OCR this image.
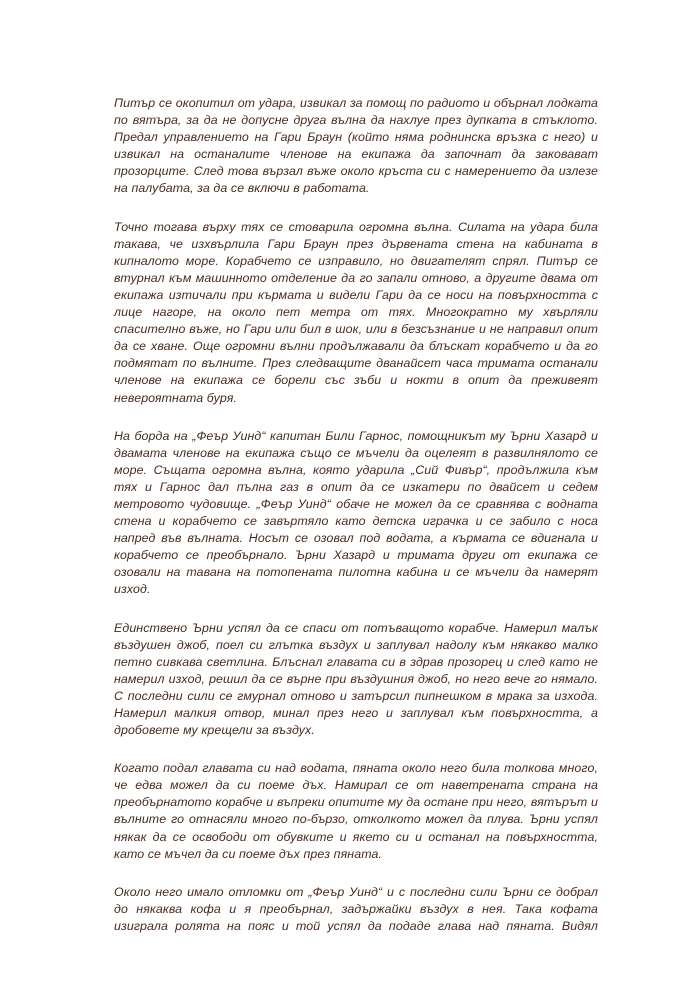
Питър се окопитил от удара, извикал за помощ по радиото и обърнал лодката по вятъра, за да не допусне друга вълна да нахлуе през дупката в стъклото. Предал управлението на Гари Браун (който няма роднинска връзка с него) и извикал на останалите членове на екипажа да започнат да заковават прозорците. След това вързал въже около кръста си с намерението да излезе на палубата, за да се включи в работата.

Точно тогава върху тях се стоварила огромна вълна. Силата на удара била такава, че изхвърлила Гари Браун през дървената стена на кабината в кипналото море. Корабчето се изправило, но двигателят спрял. Питър се втурнал към машинното отделение да го запали отново, а другите двама от екипажа изтичали при кърмата и видели Гари да се носи на повърхността с лице нагоре, на около пет метра от тях. Многократно му хвърляли спасително въже, но Гари или бил в шок, или в безсъзнание и не направил опит да се хване. Още огромни вълни продължавали да блъскат корабчето и да го подмятат по вълните. През следващите дванайсет часа тримата останали членове на екипажа се борели със зъби и нокти в опит да преживеят невероятната буря.

На борда на „Феър Уинд“ капитан Били Гарнос, помощникът му Ърни Хазард и двамата членове на екипажа също се мъчели да оцелеят в развилнялото се море. Същата огромна вълна, която ударила „Сий Фивър“, продължила към тях и Гарнос дал пълна газ в опит да се изкатери по двайсет и седем метровото чудовище. „Феър Уинд“ обаче не можел да се сравнява с водната стена и корабчето се завъртяло като детска играчка и се забило с носа напред във вълната. Носът се озовал под водата, а кърмата се вдигнала и корабчето се преобърнало. Ърни Хазард и тримата други от екипажа се озовали на тавана на потопената пилотна кабина и се мъчели да намерят изход.

Единствено Ърни успял да се спаси от потъващото корабче. Намерил малък въздушен джоб, поел си глътка въздух и заплувал надолу към някакво малко петно сивкава светлина. Блъснал главата си в здрав прозорец и след като не намерил изход, решил да се върне при въздушния джоб, но него вече го нямало. С последни сили се гмурнал отново и затърсил пипнешком в мрака за изхода. Намерил малкия отвор, минал през него и заплувал към повърхността, а дробовете му крещели за въздух.

Когато подал главата си над водата, пяната около него била толкова много, че едва можел да си поеме дъх. Намирал се от наветрената страна на преобърнатото корабче и въпреки опитите му да остане при него, вятърът и вълните го отнасяли много по-бързо, отколкото можел да плува. Ърни успял някак да се освободи от обувките и якето си и останал на повърхността, като се мъчел да си поеме дъх през пяната.

Около него имало отломки от „Феър Уинд“ и с последни сили Ърни се добрал до някаква кофа и я преобърнал, задържайки въздух в нея. Така кофата изиграла ролята на пояс и той успял да подаде глава над пяната. Видял
